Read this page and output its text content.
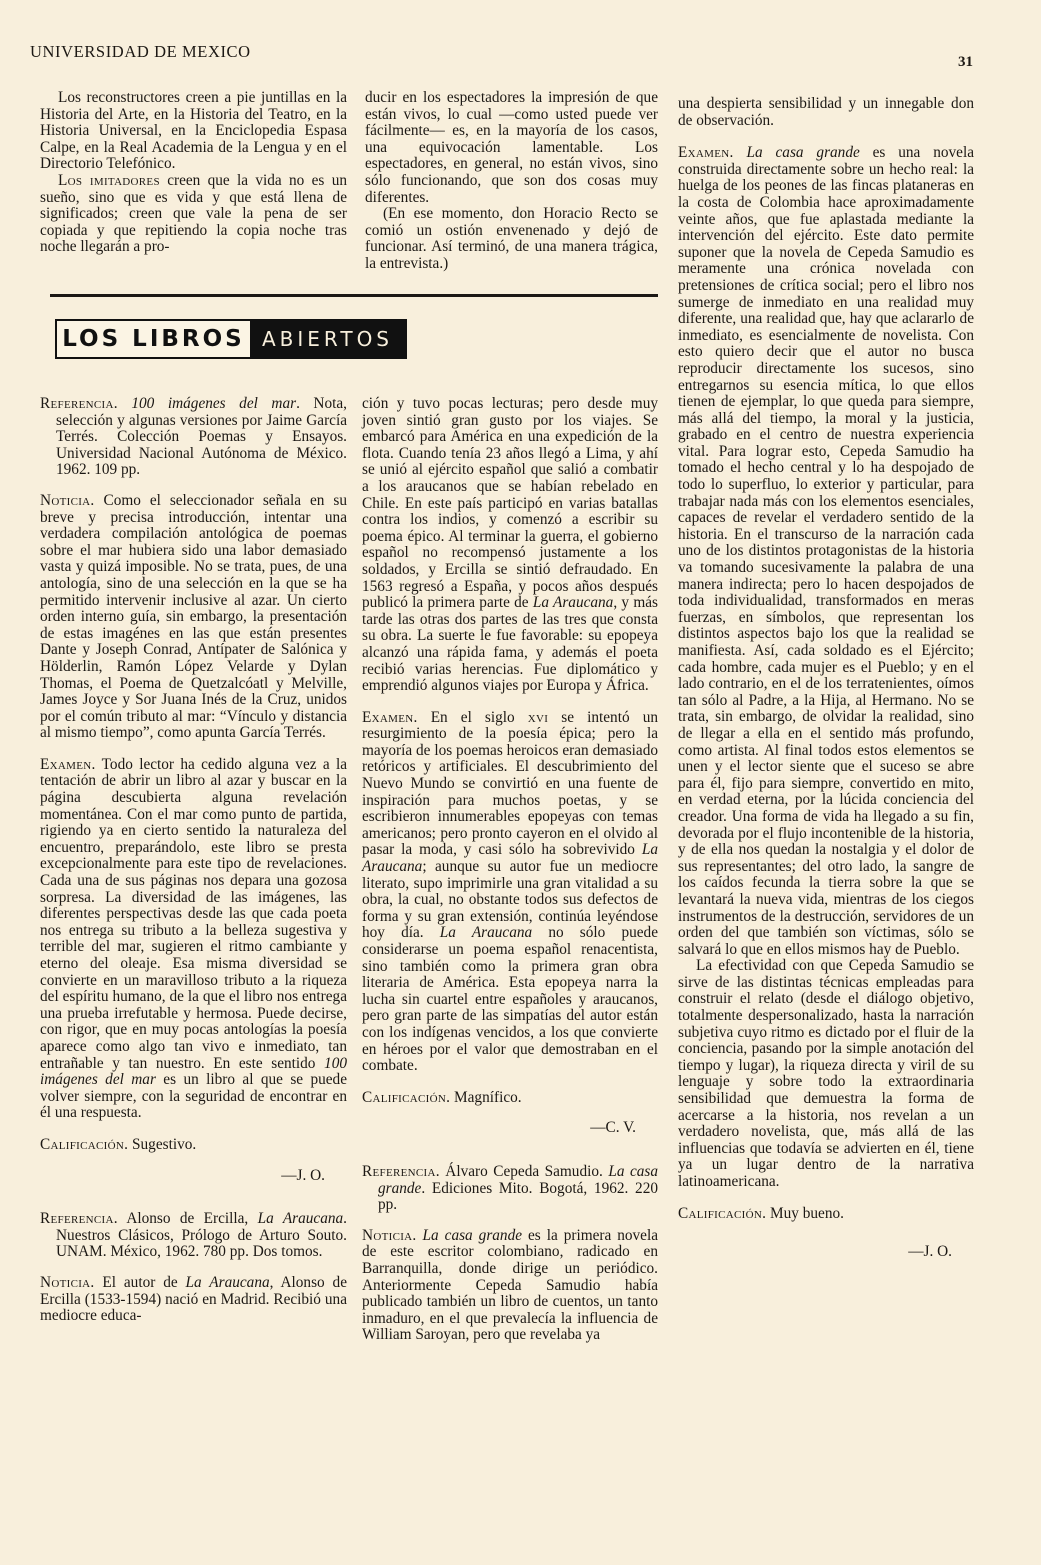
UNIVERSIDAD DE MEXICO
31

Los reconstructores creen a pie juntillas en la Historia del Arte, en la Historia del Teatro, en la Historia Universal, en la Enciclopedia Espasa Calpe, en la Real Academia de la Lengua y en el Directorio Telefónico.

Los imitadores creen que la vida no es un sueño, sino que es vida y que está llena de significados; creen que vale la pena de ser copiada y que repitiendo la copia noche tras noche llegarán a pro-

ducir en los espectadores la impresión de que están vivos, lo cual —como usted puede ver fácilmente— es, en la mayoría de los casos, una equivocación lamentable. Los espectadores, en general, no están vivos, sino sólo funcionando, que son dos cosas muy diferentes.

(En ese momento, don Horacio Recto se comió un ostión envenenado y dejó de funcionar. Así terminó, de una manera trágica, la entrevista.)

LOS LIBROS ABIERTOS

Referencia. 100 imágenes del mar. Nota, selección y algunas versiones por Jaime García Terrés. Colección Poemas y Ensayos. Universidad Nacional Autónoma de México. 1962. 109 pp.

Noticia. Como el seleccionador señala en su breve y precisa introducción, intentar una verdadera compilación antológica de poemas sobre el mar hubiera sido una labor demasiado vasta y quizá imposible. No se trata, pues, de una antología, sino de una selección en la que se ha permitido intervenir inclusive al azar. Un cierto orden interno guía, sin embargo, la presentación de estas imagénes en las que están presentes Dante y Joseph Conrad, Antípater de Salónica y Hölderlin, Ramón López Velarde y Dylan Thomas, el Poema de Quetzalcóatl y Melville, James Joyce y Sor Juana Inés de la Cruz, unidos por el común tributo al mar: “Vínculo y distancia al mismo tiempo”, como apunta García Terrés.

Examen. Todo lector ha cedido alguna vez a la tentación de abrir un libro al azar y buscar en la página descubierta alguna revelación momentánea. Con el mar como punto de partida, rigiendo ya en cierto sentido la naturaleza del encuentro, preparándolo, este libro se presta excepcionalmente para este tipo de revelaciones. Cada una de sus páginas nos depara una gozosa sorpresa. La diversidad de las imágenes, las diferentes perspectivas desde las que cada poeta nos entrega su tributo a la belleza sugestiva y terrible del mar, sugieren el ritmo cambiante y eterno del oleaje. Esa misma diversidad se convierte en un maravilloso tributo a la riqueza del espíritu humano, de la que el libro nos entrega una prueba irrefutable y hermosa. Puede decirse, con rigor, que en muy pocas antologías la poesía aparece como algo tan vivo e inmediato, tan entrañable y tan nuestro. En este sentido 100 imágenes del mar es un libro al que se puede volver siempre, con la seguridad de encontrar en él una respuesta.

Calificación. Sugestivo.

—J. O.

Referencia. Alonso de Ercilla, La Araucana. Nuestros Clásicos, Prólogo de Arturo Souto. UNAM. México, 1962. 780 pp. Dos tomos.

Noticia. El autor de La Araucana, Alonso de Ercilla (1533-1594) nació en Madrid. Recibió una mediocre educa-

ción y tuvo pocas lecturas; pero desde muy joven sintió gran gusto por los viajes. Se embarcó para América en una expedición de la flota. Cuando tenía 23 años llegó a Lima, y ahí se unió al ejército español que salió a combatir a los araucanos que se habían rebelado en Chile. En este país participó en varias batallas contra los indios, y comenzó a escribir su poema épico. Al terminar la guerra, el gobierno español no recompensó justamente a los soldados, y Ercilla se sintió defraudado. En 1563 regresó a España, y pocos años después publicó la primera parte de La Araucana, y más tarde las otras dos partes de las tres que consta su obra. La suerte le fue favorable: su epopeya alcanzó una rápida fama, y además el poeta recibió varias herencias. Fue diplomático y emprendió algunos viajes por Europa y África.

Examen. En el siglo xvi se intentó un resurgimiento de la poesía épica; pero la mayoría de los poemas heroicos eran demasiado retóricos y artificiales. El descubrimiento del Nuevo Mundo se convirtió en una fuente de inspiración para muchos poetas, y se escribieron innumerables epopeyas con temas americanos; pero pronto cayeron en el olvido al pasar la moda, y casi sólo ha sobrevivido La Araucana; aunque su autor fue un mediocre literato, supo imprimirle una gran vitalidad a su obra, la cual, no obstante todos sus defectos de forma y su gran extensión, continúa leyéndose hoy día. La Araucana no sólo puede considerarse un poema español renacentista, sino también como la primera gran obra literaria de América. Esta epopeya narra la lucha sin cuartel entre españoles y araucanos, pero gran parte de las simpatías del autor están con los indígenas vencidos, a los que convierte en héroes por el valor que demostraban en el combate.

Calificación. Magnífico.

—C. V.

Referencia. Álvaro Cepeda Samudio. La casa grande. Ediciones Mito. Bogotá, 1962. 220 pp.

Noticia. La casa grande es la primera novela de este escritor colombiano, radicado en Barranquilla, donde dirige un periódico. Anteriormente Cepeda Samudio había publicado también un libro de cuentos, un tanto inmaduro, en el que prevalecía la influencia de William Saroyan, pero que revelaba ya

una despierta sensibilidad y un innegable don de observación.

Examen. La casa grande es una novela construida directamente sobre un hecho real: la huelga de los peones de las fincas plataneras en la costa de Colombia hace aproximadamente veinte años, que fue aplastada mediante la intervención del ejército. Este dato permite suponer que la novela de Cepeda Samudio es meramente una crónica novelada con pretensiones de crítica social; pero el libro nos sumerge de inmediato en una realidad muy diferente, una realidad que, hay que aclararlo de inmediato, es esencialmente de novelista. Con esto quiero decir que el autor no busca reproducir directamente los sucesos, sino entregarnos su esencia mítica, lo que ellos tienen de ejemplar, lo que queda para siempre, más allá del tiempo, la moral y la justicia, grabado en el centro de nuestra experiencia vital. Para lograr esto, Cepeda Samudio ha tomado el hecho central y lo ha despojado de todo lo superfluo, lo exterior y particular, para trabajar nada más con los elementos esenciales, capaces de revelar el verdadero sentido de la historia. En el transcurso de la narración cada uno de los distintos protagonistas de la historia va tomando sucesivamente la palabra de una manera indirecta; pero lo hacen despojados de toda individualidad, transformados en meras fuerzas, en símbolos, que representan los distintos aspectos bajo los que la realidad se manifiesta. Así, cada soldado es el Ejército; cada hombre, cada mujer es el Pueblo; y en el lado contrario, en el de los terratenientes, oímos tan sólo al Padre, a la Hija, al Hermano. No se trata, sin embargo, de olvidar la realidad, sino de llegar a ella en el sentido más profundo, como artista. Al final todos estos elementos se unen y el lector siente que el suceso se abre para él, fijo para siempre, convertido en mito, en verdad eterna, por la lúcida conciencia del creador. Una forma de vida ha llegado a su fin, devorada por el flujo incontenible de la historia, y de ella nos quedan la nostalgia y el dolor de sus representantes; del otro lado, la sangre de los caídos fecunda la tierra sobre la que se levantará la nueva vida, mientras de los ciegos instrumentos de la destrucción, servidores de un orden del que también son víctimas, sólo se salvará lo que en ellos mismos hay de Pueblo.

La efectividad con que Cepeda Samudio se sirve de las distintas técnicas empleadas para construir el relato (desde el diálogo objetivo, totalmente despersonalizado, hasta la narración subjetiva cuyo ritmo es dictado por el fluir de la conciencia, pasando por la simple anotación del tiempo y lugar), la riqueza directa y viril de su lenguaje y sobre todo la extraordinaria sensibilidad que demuestra la forma de acercarse a la historia, nos revelan a un verdadero novelista, que, más allá de las influencias que todavía se advierten en él, tiene ya un lugar dentro de la narrativa latinoamericana.

Calificación. Muy bueno.

—J. O.
